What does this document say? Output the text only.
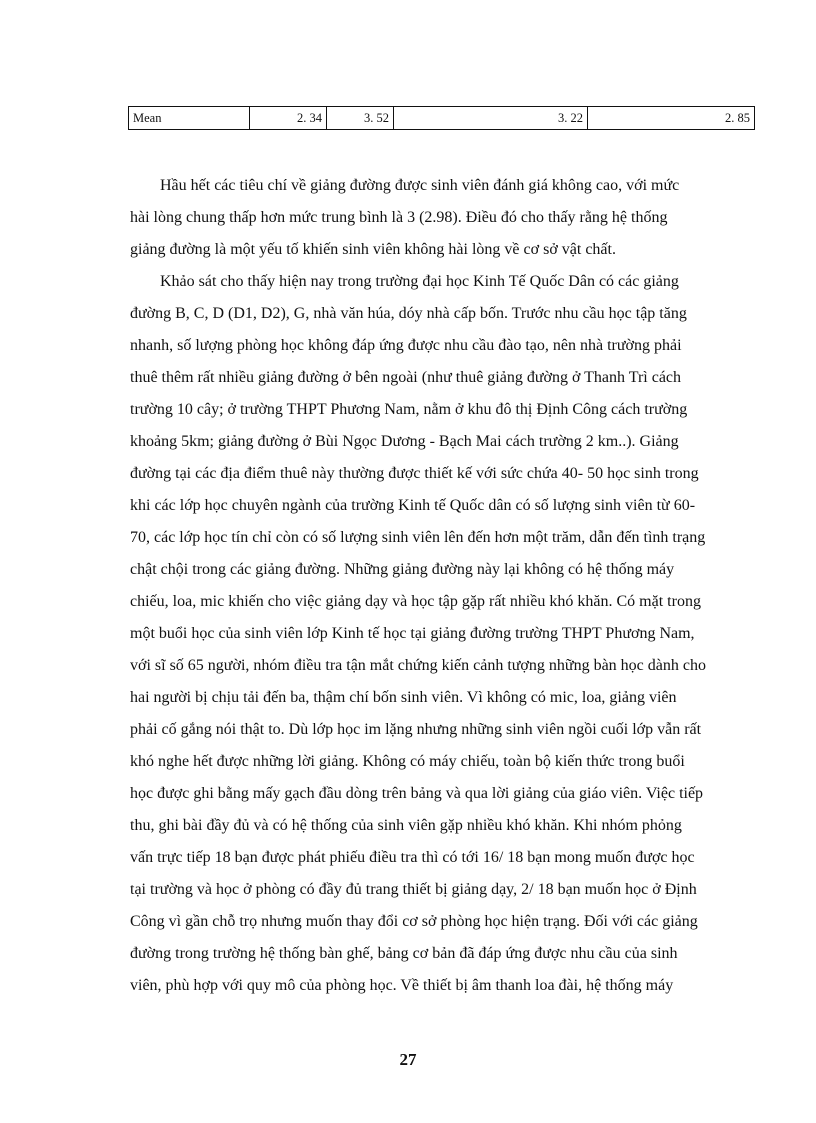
Mean	2. 34	3. 52	3. 22	2. 85
Hầu hết các tiêu chí về giảng đường được sinh viên đánh giá không cao, với mức
hài lòng chung thấp hơn mức trung bình là 3 (2.98). Điều đó cho thấy rằng hệ thống
giảng đường là một yếu tố khiến sinh viên không hài lòng về cơ sở vật chất.
Khảo sát cho thấy hiện nay trong trường đại học Kinh Tế Quốc Dân có các giảng
đường B, C, D (D1, D2), G, nhà văn húa, dóy nhà cấp bốn. Trước nhu cầu học tập tăng
nhanh, số lượng phòng học không đáp ứng được nhu cầu đào tạo, nên nhà trường phải
thuê thêm rất nhiều giảng đường ở bên ngoài (như thuê giảng đường ở Thanh Trì cách
trường 10 cây; ở trường THPT Phương Nam, nằm ở khu đô thị Định Công cách trường
khoảng 5km; giảng đường ở Bùi Ngọc Dương - Bạch Mai cách trường 2 km..). Giảng
đường tại các địa điểm thuê này thường được thiết kế với sức chứa 40- 50 học sinh trong
khi các lớp học chuyên ngành của trường Kinh tế Quốc dân có số lượng sinh viên từ 60-
70, các lớp học tín chỉ còn có số lượng sinh viên lên đến hơn một trăm, dẫn đến tình trạng
chật chội trong các giảng đường. Những giảng đường này lại không có hệ thống máy
chiếu, loa, mic khiến cho việc giảng dạy và học tập gặp rất nhiều khó khăn. Có mặt trong
một buổi học của sinh viên lớp Kinh tế học tại giảng đường trường THPT Phương Nam,
với sĩ số 65 người, nhóm điều tra tận mắt chứng kiến cảnh tượng những bàn học dành cho
hai người bị chịu tải đến ba, thậm chí bốn sinh viên. Vì không có mic, loa, giảng viên
phải cố gắng nói thật to. Dù lớp học im lặng nhưng những sinh viên ngồi cuối lớp vẫn rất
khó nghe hết được những lời giảng. Không có máy chiếu, toàn bộ kiến thức trong buổi
học được ghi bằng mấy gạch đầu dòng trên bảng và qua lời giảng của giáo viên. Việc tiếp
thu, ghi bài đầy đủ và có hệ thống của sinh viên gặp nhiều khó khăn. Khi nhóm phỏng
vấn trực tiếp 18 bạn được phát phiếu điều tra thì có tới 16/ 18 bạn mong muốn được học
tại trường và học ở phòng có đầy đủ trang thiết bị giảng dạy, 2/ 18 bạn muốn học ở Định
Công vì gần chỗ trọ nhưng muốn thay đổi cơ sở phòng học hiện trạng. Đối với các giảng
đường trong trường hệ thống bàn ghế, bảng cơ bản đã đáp ứng được nhu cầu của sinh
viên, phù hợp với quy mô của phòng học. Về thiết bị âm thanh loa đài, hệ thống máy
27
